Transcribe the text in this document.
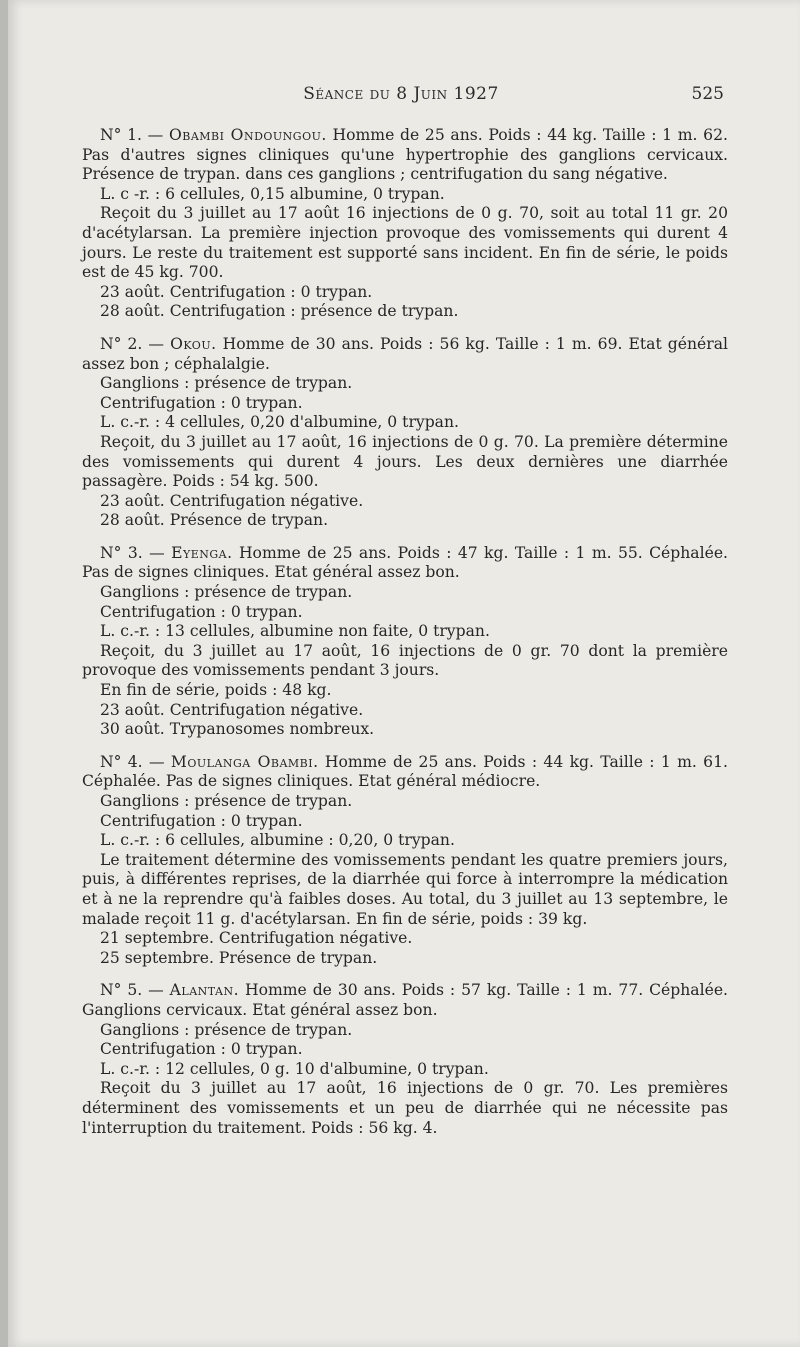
Séance du 8 Juin 1927	525

N° 1. — Obambi Ondoungou. Homme de 25 ans. Poids : 44 kg. Taille : 1 m. 62. Pas d'autres signes cliniques qu'une hypertrophie des ganglions cervicaux. Présence de trypan. dans ces ganglions ; centrifugation du sang négative.

L. c -r. : 6 cellules, 0,15 albumine, 0 trypan.

Reçoit du 3 juillet au 17 août 16 injections de 0 g. 70, soit au total 11 gr. 20 d'acétylarsan. La première injection provoque des vomissements qui durent 4 jours. Le reste du traitement est supporté sans incident. En fin de série, le poids est de 45 kg. 700.

23 août. Centrifugation : 0 trypan.

28 août. Centrifugation : présence de trypan.

N° 2. — Okou. Homme de 30 ans. Poids : 56 kg. Taille : 1 m. 69. Etat général assez bon ; céphalalgie.

Ganglions : présence de trypan.

Centrifugation : 0 trypan.

L. c.-r. : 4 cellules, 0,20 d'albumine, 0 trypan.

Reçoit, du 3 juillet au 17 août, 16 injections de 0 g. 70. La première détermine des vomissements qui durent 4 jours. Les deux dernières une diarrhée passagère. Poids : 54 kg. 500.

23 août. Centrifugation négative.

28 août. Présence de trypan.

N° 3. — Eyenga. Homme de 25 ans. Poids : 47 kg. Taille : 1 m. 55. Céphalée. Pas de signes cliniques. Etat général assez bon.

Ganglions : présence de trypan.

Centrifugation : 0 trypan.

L. c.-r. : 13 cellules, albumine non faite, 0 trypan.

Reçoit, du 3 juillet au 17 août, 16 injections de 0 gr. 70 dont la première provoque des vomissements pendant 3 jours.

En fin de série, poids : 48 kg.

23 août. Centrifugation négative.

30 août. Trypanosomes nombreux.

N° 4. — Moulanga Obambi. Homme de 25 ans. Poids : 44 kg. Taille : 1 m. 61. Céphalée. Pas de signes cliniques. Etat général médiocre.

Ganglions : présence de trypan.

Centrifugation : 0 trypan.

L. c.-r. : 6 cellules, albumine : 0,20, 0 trypan.

Le traitement détermine des vomissements pendant les quatre premiers jours, puis, à différentes reprises, de la diarrhée qui force à interrompre la médication et à ne la reprendre qu'à faibles doses. Au total, du 3 juillet au 13 septembre, le malade reçoit 11 g. d'acétylarsan. En fin de série, poids : 39 kg.

21 septembre. Centrifugation négative.

25 septembre. Présence de trypan.

N° 5. — Alantan. Homme de 30 ans. Poids : 57 kg. Taille : 1 m. 77. Céphalée. Ganglions cervicaux. Etat général assez bon.

Ganglions : présence de trypan.

Centrifugation : 0 trypan.

L. c.-r. : 12 cellules, 0 g. 10 d'albumine, 0 trypan.

Reçoit du 3 juillet au 17 août, 16 injections de 0 gr. 70. Les premières déterminent des vomissements et un peu de diarrhée qui ne nécessite pas l'interruption du traitement. Poids : 56 kg. 4.
